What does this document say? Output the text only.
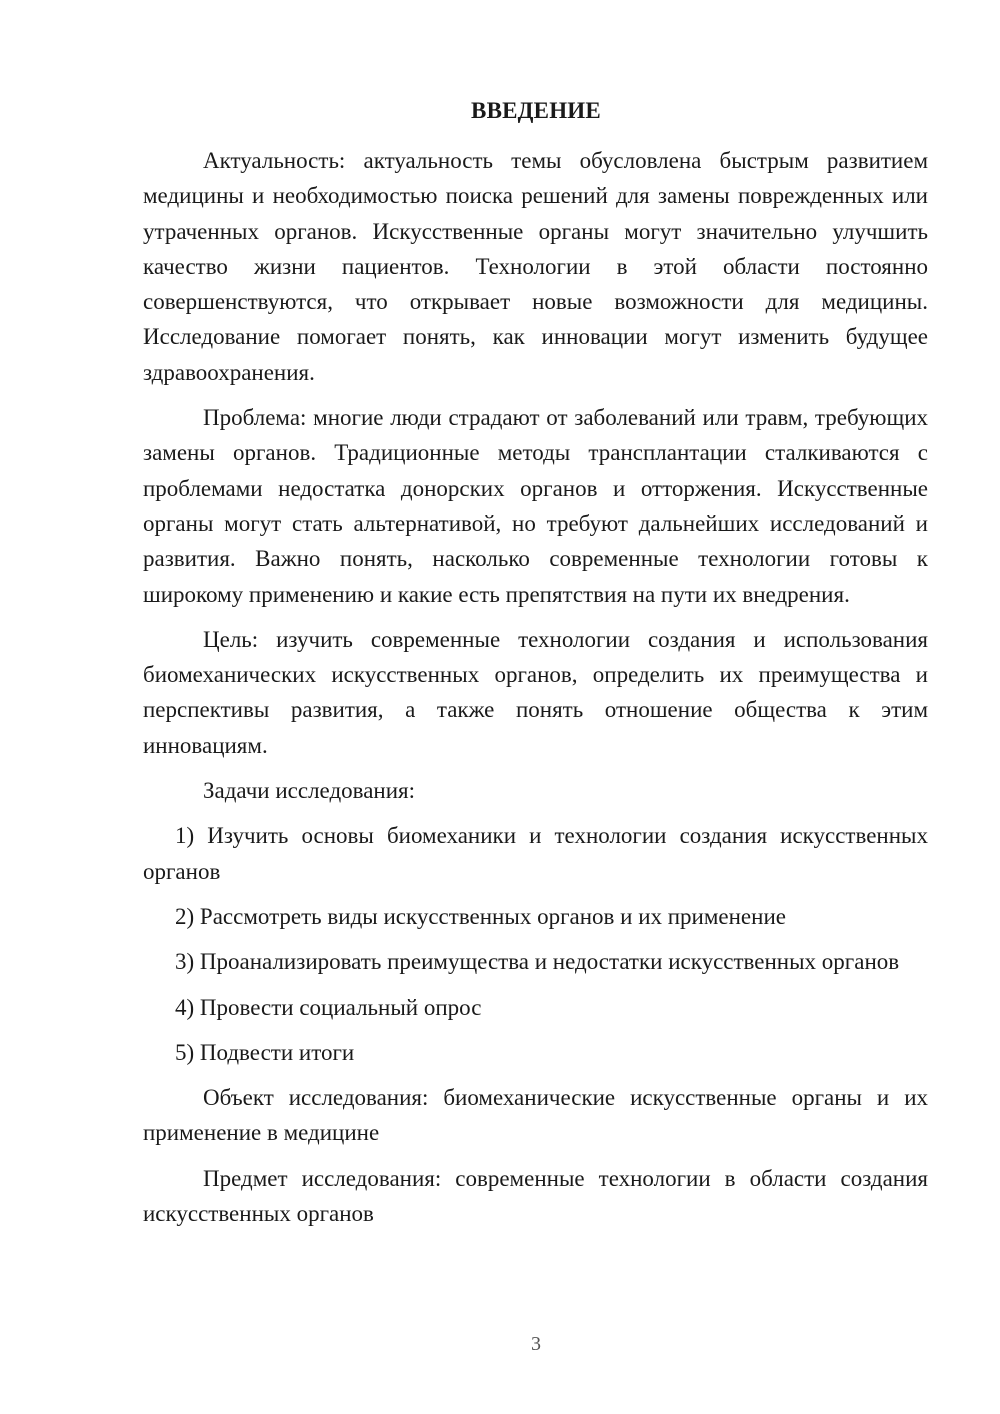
ВВЕДЕНИЕ

Актуальность: актуальность темы обусловлена быстрым развитием медицины и необходимостью поиска решений для замены поврежденных или утраченных органов. Искусственные органы могут значительно улучшить качество жизни пациентов. Технологии в этой области постоянно совершенствуются, что открывает новые возможности для медицины. Исследование помогает понять, как инновации могут изменить будущее здравоохранения.

Проблема: многие люди страдают от заболеваний или травм, требующих замены органов. Традиционные методы трансплантации сталкиваются с проблемами недостатка донорских органов и отторжения. Искусственные органы могут стать альтернативой, но требуют дальнейших исследований и развития. Важно понять, насколько современные технологии готовы к широкому применению и какие есть препятствия на пути их внедрения.

Цель: изучить современные технологии создания и использования биомеханических искусственных органов, определить их преимущества и перспективы развития, а также понять отношение общества к этим инновациям.

Задачи исследования:

1) Изучить основы биомеханики и технологии создания искусственных органов

2) Рассмотреть виды искусственных органов и их применение

3) Проанализировать преимущества и недостатки искусственных органов

4) Провести социальный опрос

5) Подвести итоги

Объект исследования: биомеханические искусственные органы и их применение в медицине

Предмет исследования: современные технологии в области создания искусственных органов

3
